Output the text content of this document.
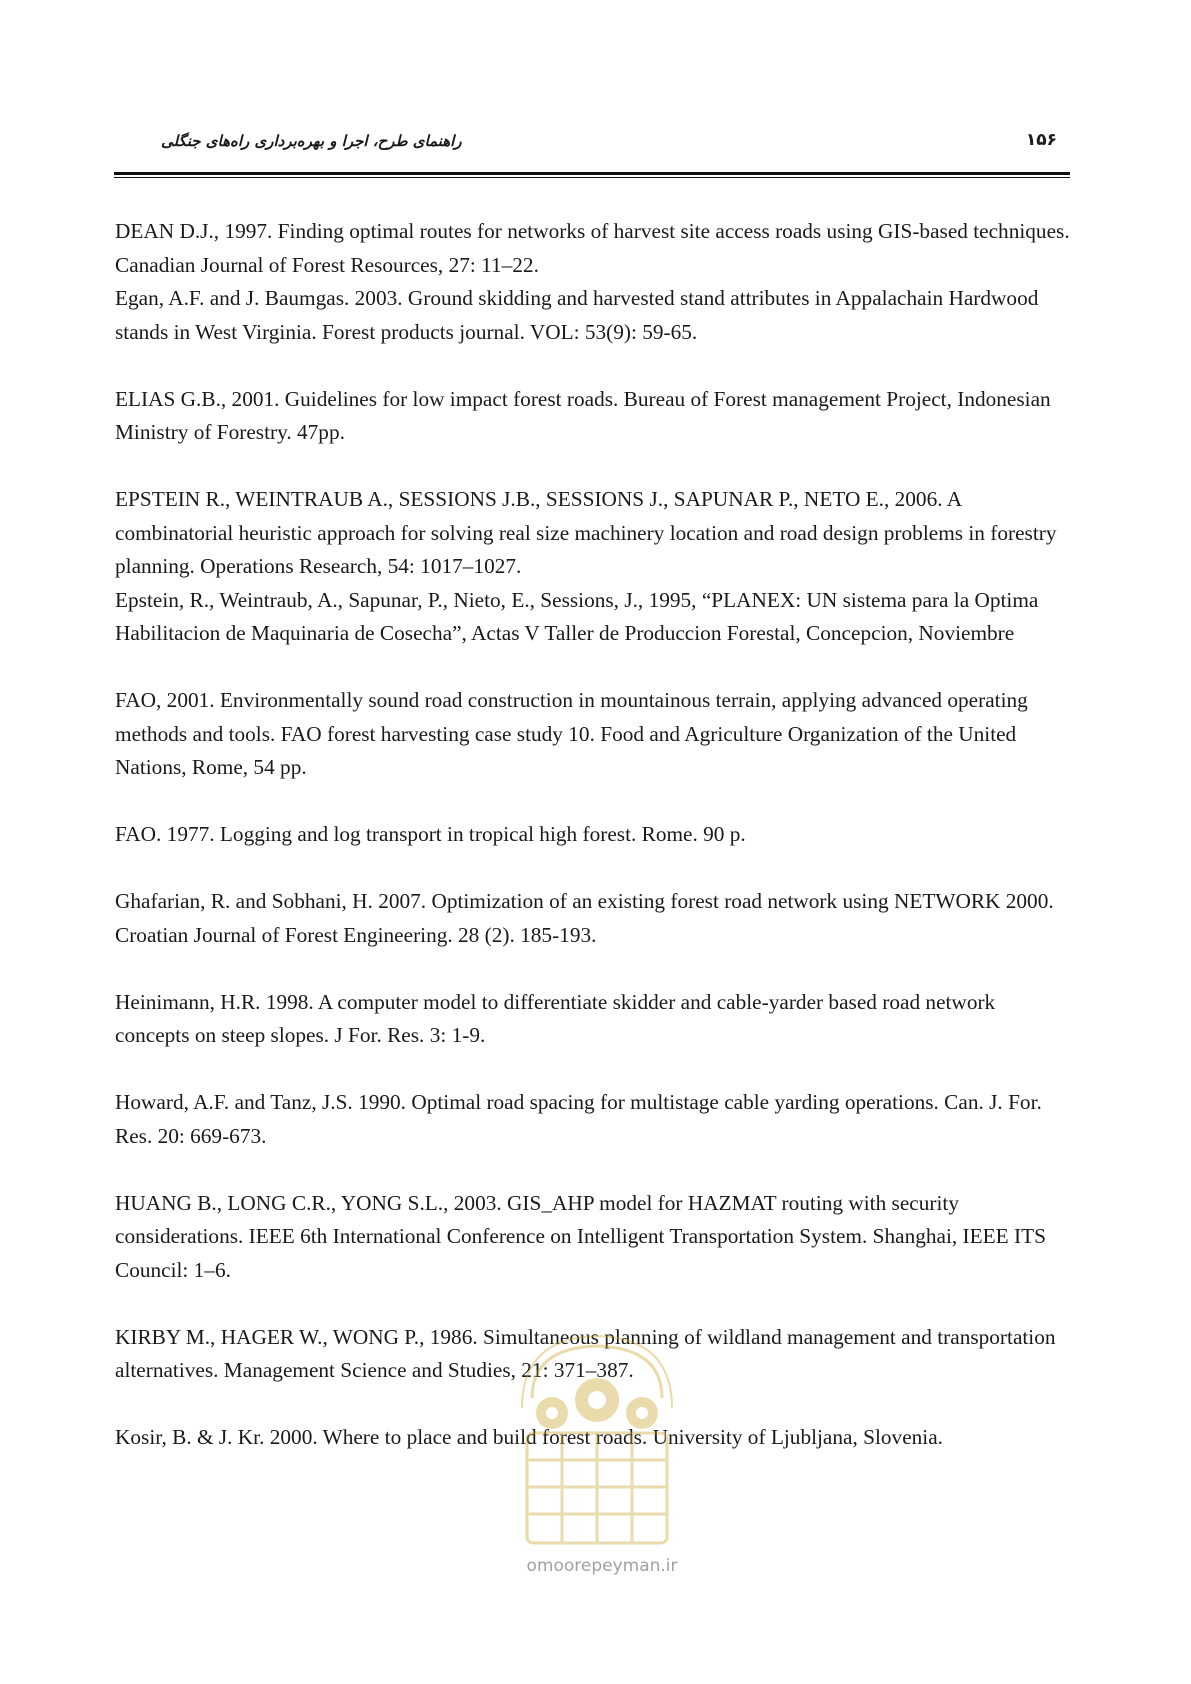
راهنمای طرح، اجرا و بهره‌برداری راه‌های جنگلی	۱۵۶

DEAN D.J., 1997. Finding optimal routes for networks of harvest site access roads using GIS-based techniques. Canadian Journal of Forest Resources, 27: 11–22.

Egan, A.F. and J. Baumgas. 2003. Ground skidding and harvested stand attributes in Appalachain Hardwood stands in West Virginia. Forest products journal. VOL: 53(9): 59-65.

ELIAS G.B., 2001. Guidelines for low impact forest roads. Bureau of Forest management Project, Indonesian Ministry of Forestry. 47pp.

EPSTEIN R., WEINTRAUB A., SESSIONS J.B., SESSIONS J., SAPUNAR P., NETO E., 2006. A combinatorial heuristic approach for solving real size machinery location and road design problems in forestry planning. Operations Research, 54: 1017–1027.

Epstein, R., Weintraub, A., Sapunar, P., Nieto, E., Sessions, J., 1995, “PLANEX: UN sistema para la Optima Habilitacion de Maquinaria de Cosecha”, Actas V Taller de Produccion Forestal, Concepcion, Noviembre

FAO, 2001. Environmentally sound road construction in mountainous terrain, applying advanced operating methods and tools. FAO forest harvesting case study 10. Food and Agriculture Organization of the United Nations, Rome, 54 pp.

FAO. 1977. Logging and log transport in tropical high forest. Rome. 90 p.

Ghafarian, R. and Sobhani, H. 2007. Optimization of an existing forest road network using NETWORK 2000. Croatian Journal of Forest Engineering. 28 (2). 185-193.

Heinimann, H.R. 1998. A computer model to differentiate skidder and cable-yarder based road network concepts on steep slopes. J For. Res. 3: 1-9.

Howard, A.F. and Tanz, J.S. 1990. Optimal road spacing for multistage cable yarding operations. Can. J. For. Res. 20: 669-673.

HUANG B., LONG C.R., YONG S.L., 2003. GIS_AHP model for HAZMAT routing with security considerations. IEEE 6th International Conference on Intelligent Transportation System. Shanghai, IEEE ITS Council: 1–6.

KIRBY M., HAGER W., WONG P., 1986. Simultaneous planning of wildland management and transportation alternatives. Management Science and Studies, 21: 371–387.

Kosir, B. & J. Kr. 2000. Where to place and build forest roads. University of Ljubljana, Slovenia.

omoorepeyman.ir
